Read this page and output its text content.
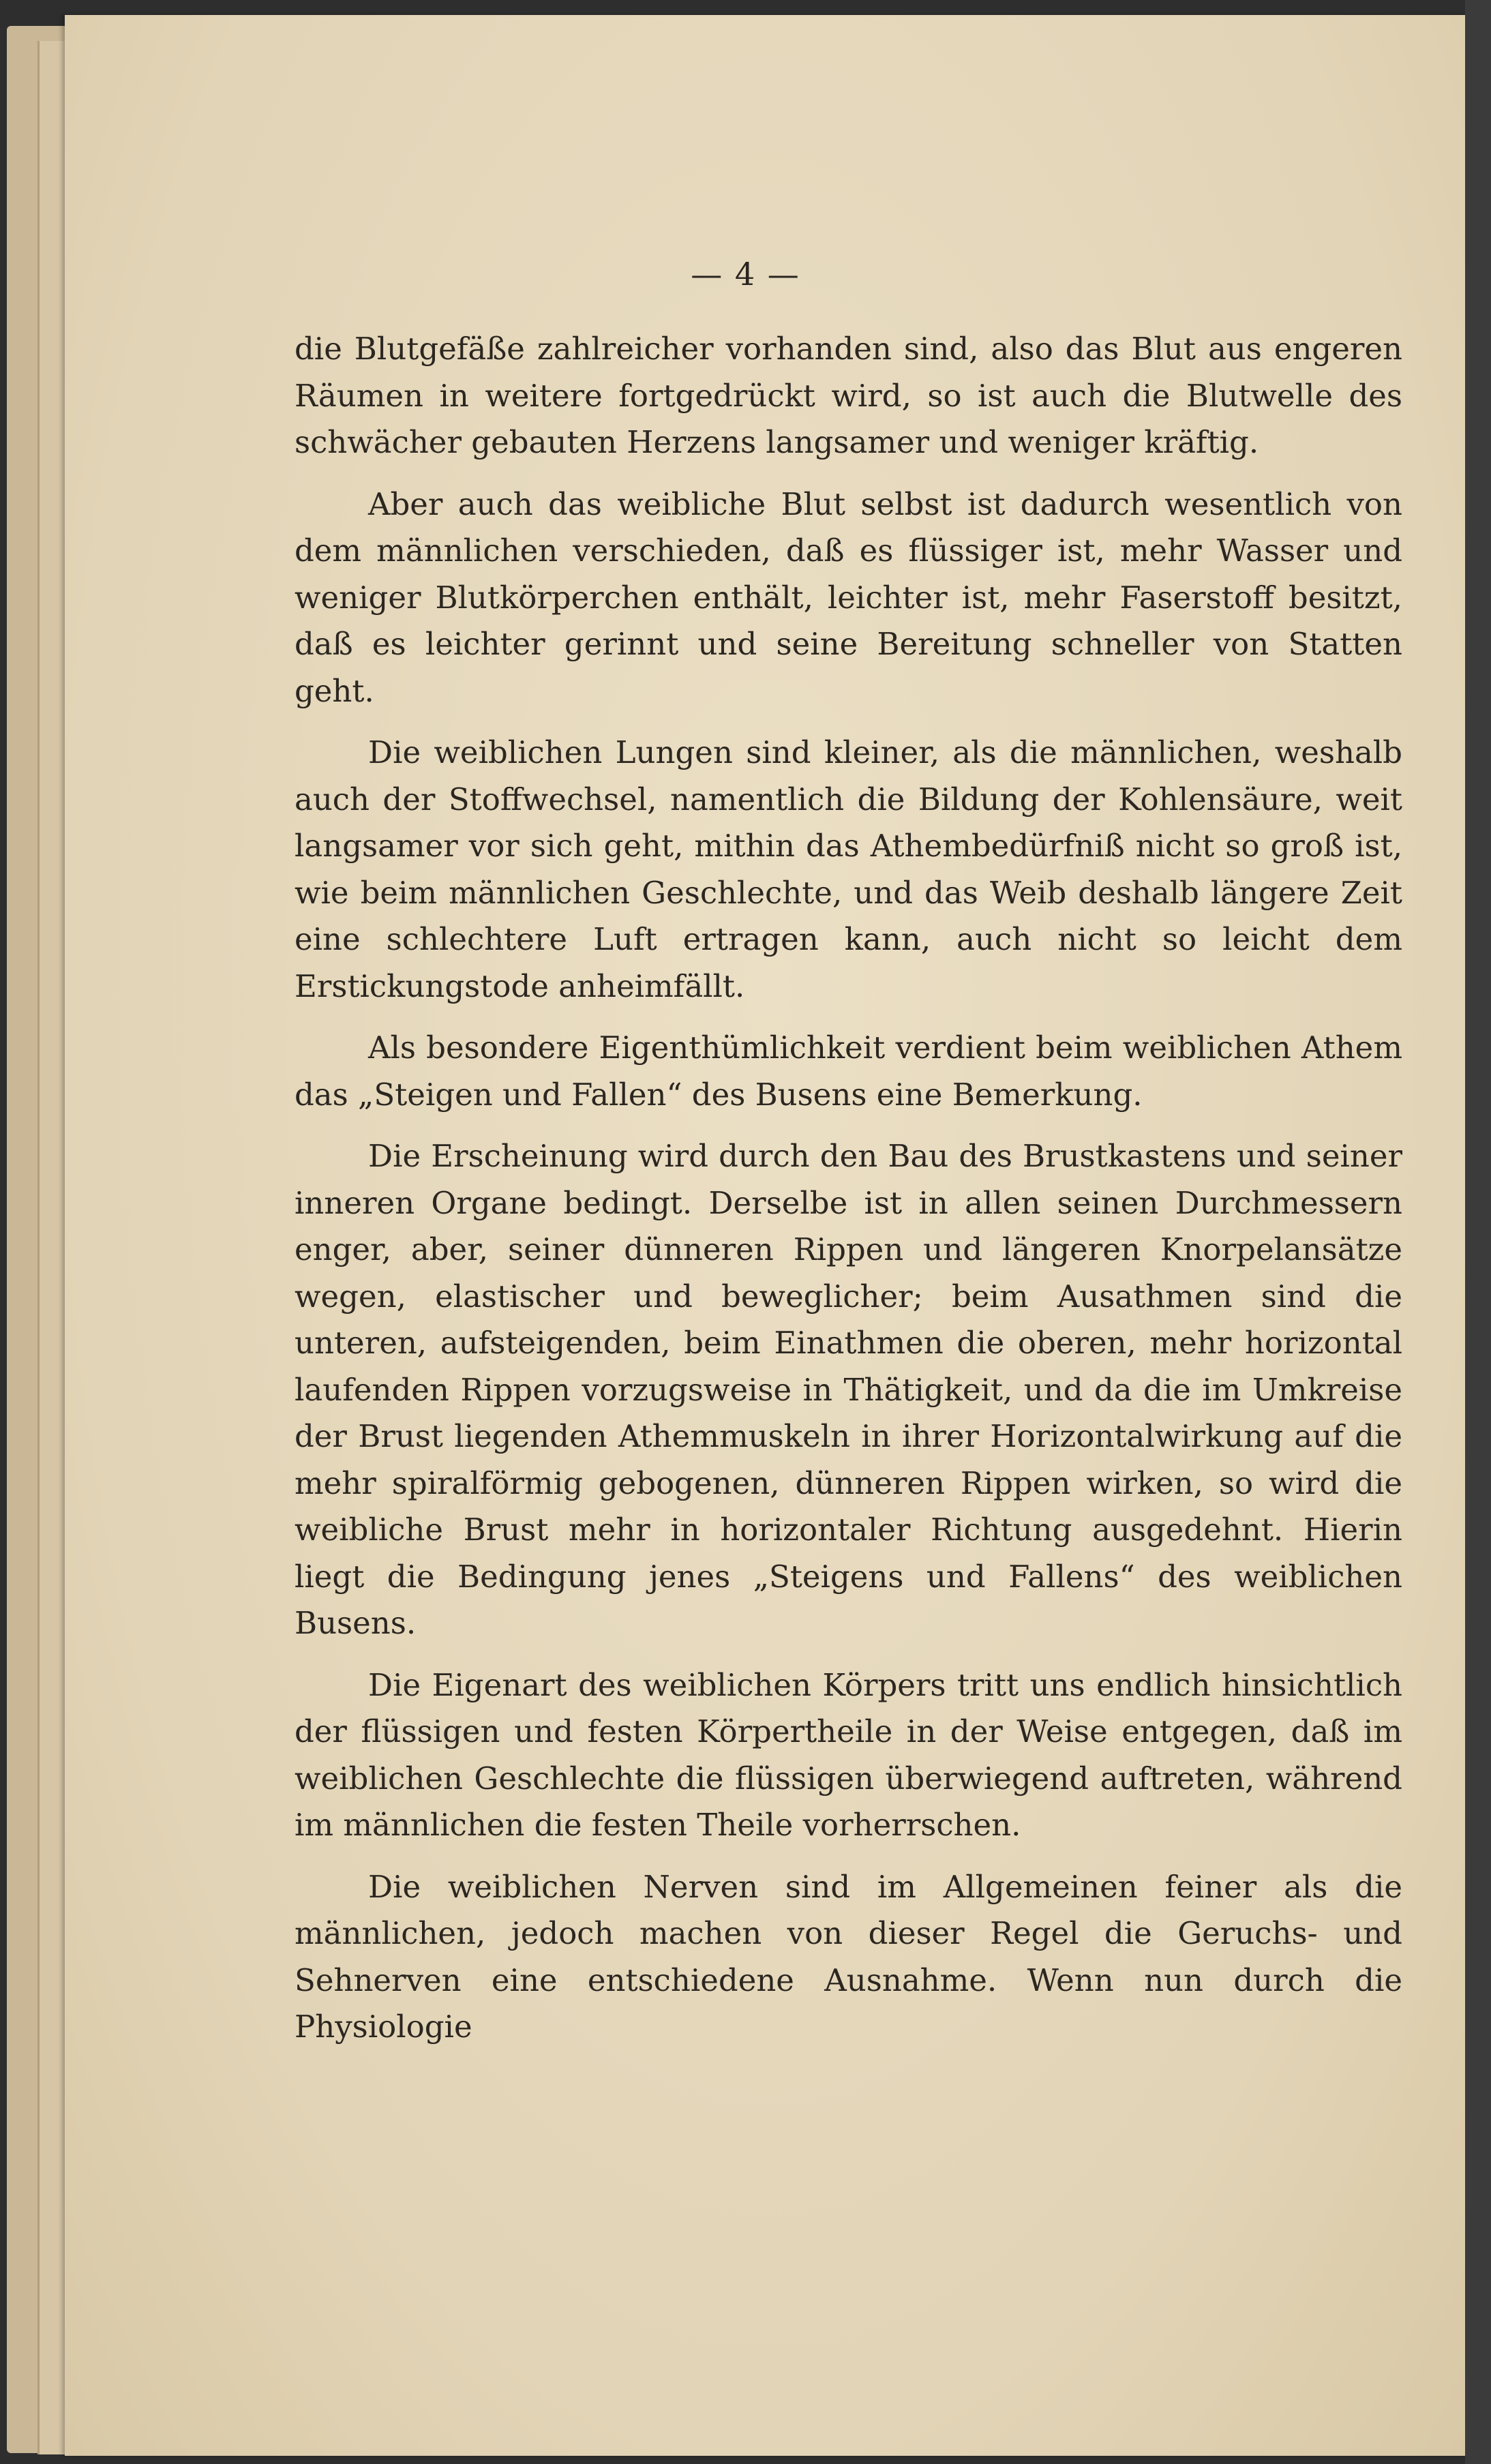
— 4 —

die Blutgefäße zahlreicher vorhanden sind, also das Blut aus engeren Räumen in weitere fortgedrückt wird, so ist auch die Blutwelle des schwächer gebauten Herzens langsamer und weniger kräftig.

Aber auch das weibliche Blut selbst ist dadurch wesentlich von dem männlichen verschieden, daß es flüssiger ist, mehr Wasser und weniger Blutkörperchen enthält, leichter ist, mehr Faserstoff besitzt, daß es leichter gerinnt und seine Bereitung schneller von Statten geht.

Die weiblichen Lungen sind kleiner, als die männlichen, weshalb auch der Stoffwechsel, namentlich die Bildung der Kohlensäure, weit langsamer vor sich geht, mithin das Athembedürfniß nicht so groß ist, wie beim männlichen Geschlechte, und das Weib deshalb längere Zeit eine schlechtere Luft ertragen kann, auch nicht so leicht dem Erstickungstode anheimfällt.

Als besondere Eigenthümlichkeit verdient beim weiblichen Athem das „Steigen und Fallen“ des Busens eine Bemerkung.

Die Erscheinung wird durch den Bau des Brustkastens und seiner inneren Organe bedingt. Derselbe ist in allen seinen Durchmessern enger, aber, seiner dünneren Rippen und längeren Knorpelansätze wegen, elastischer und beweglicher; beim Ausathmen sind die unteren, aufsteigenden, beim Einathmen die oberen, mehr horizontal laufenden Rippen vorzugsweise in Thätigkeit, und da die im Umkreise der Brust liegenden Athemmuskeln in ihrer Horizontalwirkung auf die mehr spiralförmig gebogenen, dünneren Rippen wirken, so wird die weibliche Brust mehr in horizontaler Richtung ausgedehnt. Hierin liegt die Bedingung jenes „Steigens und Fallens“ des weiblichen Busens.

Die Eigenart des weiblichen Körpers tritt uns endlich hinsichtlich der flüssigen und festen Körpertheile in der Weise entgegen, daß im weiblichen Geschlechte die flüssigen überwiegend auftreten, während im männlichen die festen Theile vorherrschen.

Die weiblichen Nerven sind im Allgemeinen feiner als die männlichen, jedoch machen von dieser Regel die Geruchs- und Sehnerven eine entschiedene Ausnahme. Wenn nun durch die Physiologie
